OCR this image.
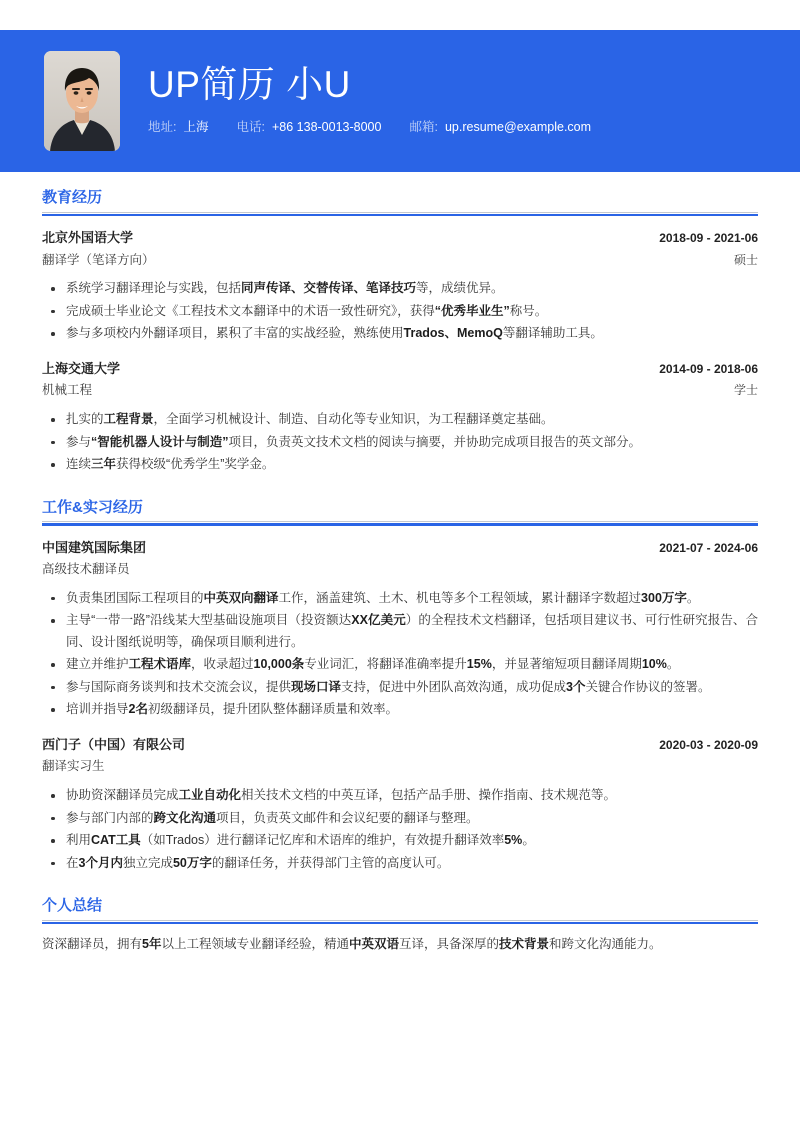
UP简历 小U
地址: 上海 电话: +86 138-0013-8000 邮箱: up.resume@example.com
教育经历
北京外国语大学	2018-09 - 2021-06
翻译学（笔译方向）	硕士
系统学习翻译理论与实践，包括同声传译、交替传译、笔译技巧等，成绩优异。
完成硕士毕业论文《工程技术文本翻译中的术语一致性研究》，获得“优秀毕业生”称号。
参与多项校内外翻译项目，累积了丰富的实战经验，熟练使用Trados、MemoQ等翻译辅助工具。
上海交通大学	2014-09 - 2018-06
机械工程	学士
扎实的工程背景，全面学习机械设计、制造、自动化等专业知识，为工程翻译奠定基础。
参与“智能机器人设计与制造”项目，负责英文技术文档的阅读与摘要，并协助完成项目报告的英文部分。
连续三年获得校级“优秀学生”奖学金。
工作&实习经历
中国建筑国际集团	2021-07 - 2024-06
高级技术翻译员
负责集团国际工程项目的中英双向翻译工作，涵盖建筑、土木、机电等多个工程领域，累计翻译字数超过300万字。
主导“一带一路”沿线某大型基础设施项目（投资额达XX亿美元）的全程技术文档翻译，包括项目建议书、可行性研究报告、合同、设计图纸说明等，确保项目顺利进行。
建立并维护工程术语库，收录超过10,000条专业词汇，将翻译准确率提升15%，并显著缩短项目翻译周期10%。
参与国际商务谈判和技术交流会议，提供现场口译支持，促进中外团队高效沟通，成功促成3个关键合作协议的签署。
培训并指导2名初级翻译员，提升团队整体翻译质量和效率。
西门子（中国）有限公司	2020-03 - 2020-09
翻译实习生
协助资深翻译员完成工业自动化相关技术文档的中英互译，包括产品手册、操作指南、技术规范等。
参与部门内部的跨文化沟通项目，负责英文邮件和会议纪要的翻译与整理。
利用CAT工具（如Trados）进行翻译记忆库和术语库的维护，有效提升翻译效率5%。
在3个月内独立完成50万字的翻译任务，并获得部门主管的高度认可。
个人总结
资深翻译员，拥有5年以上工程领域专业翻译经验，精通中英双语互译，具备深厚的技术背景和跨文化沟通能力。
